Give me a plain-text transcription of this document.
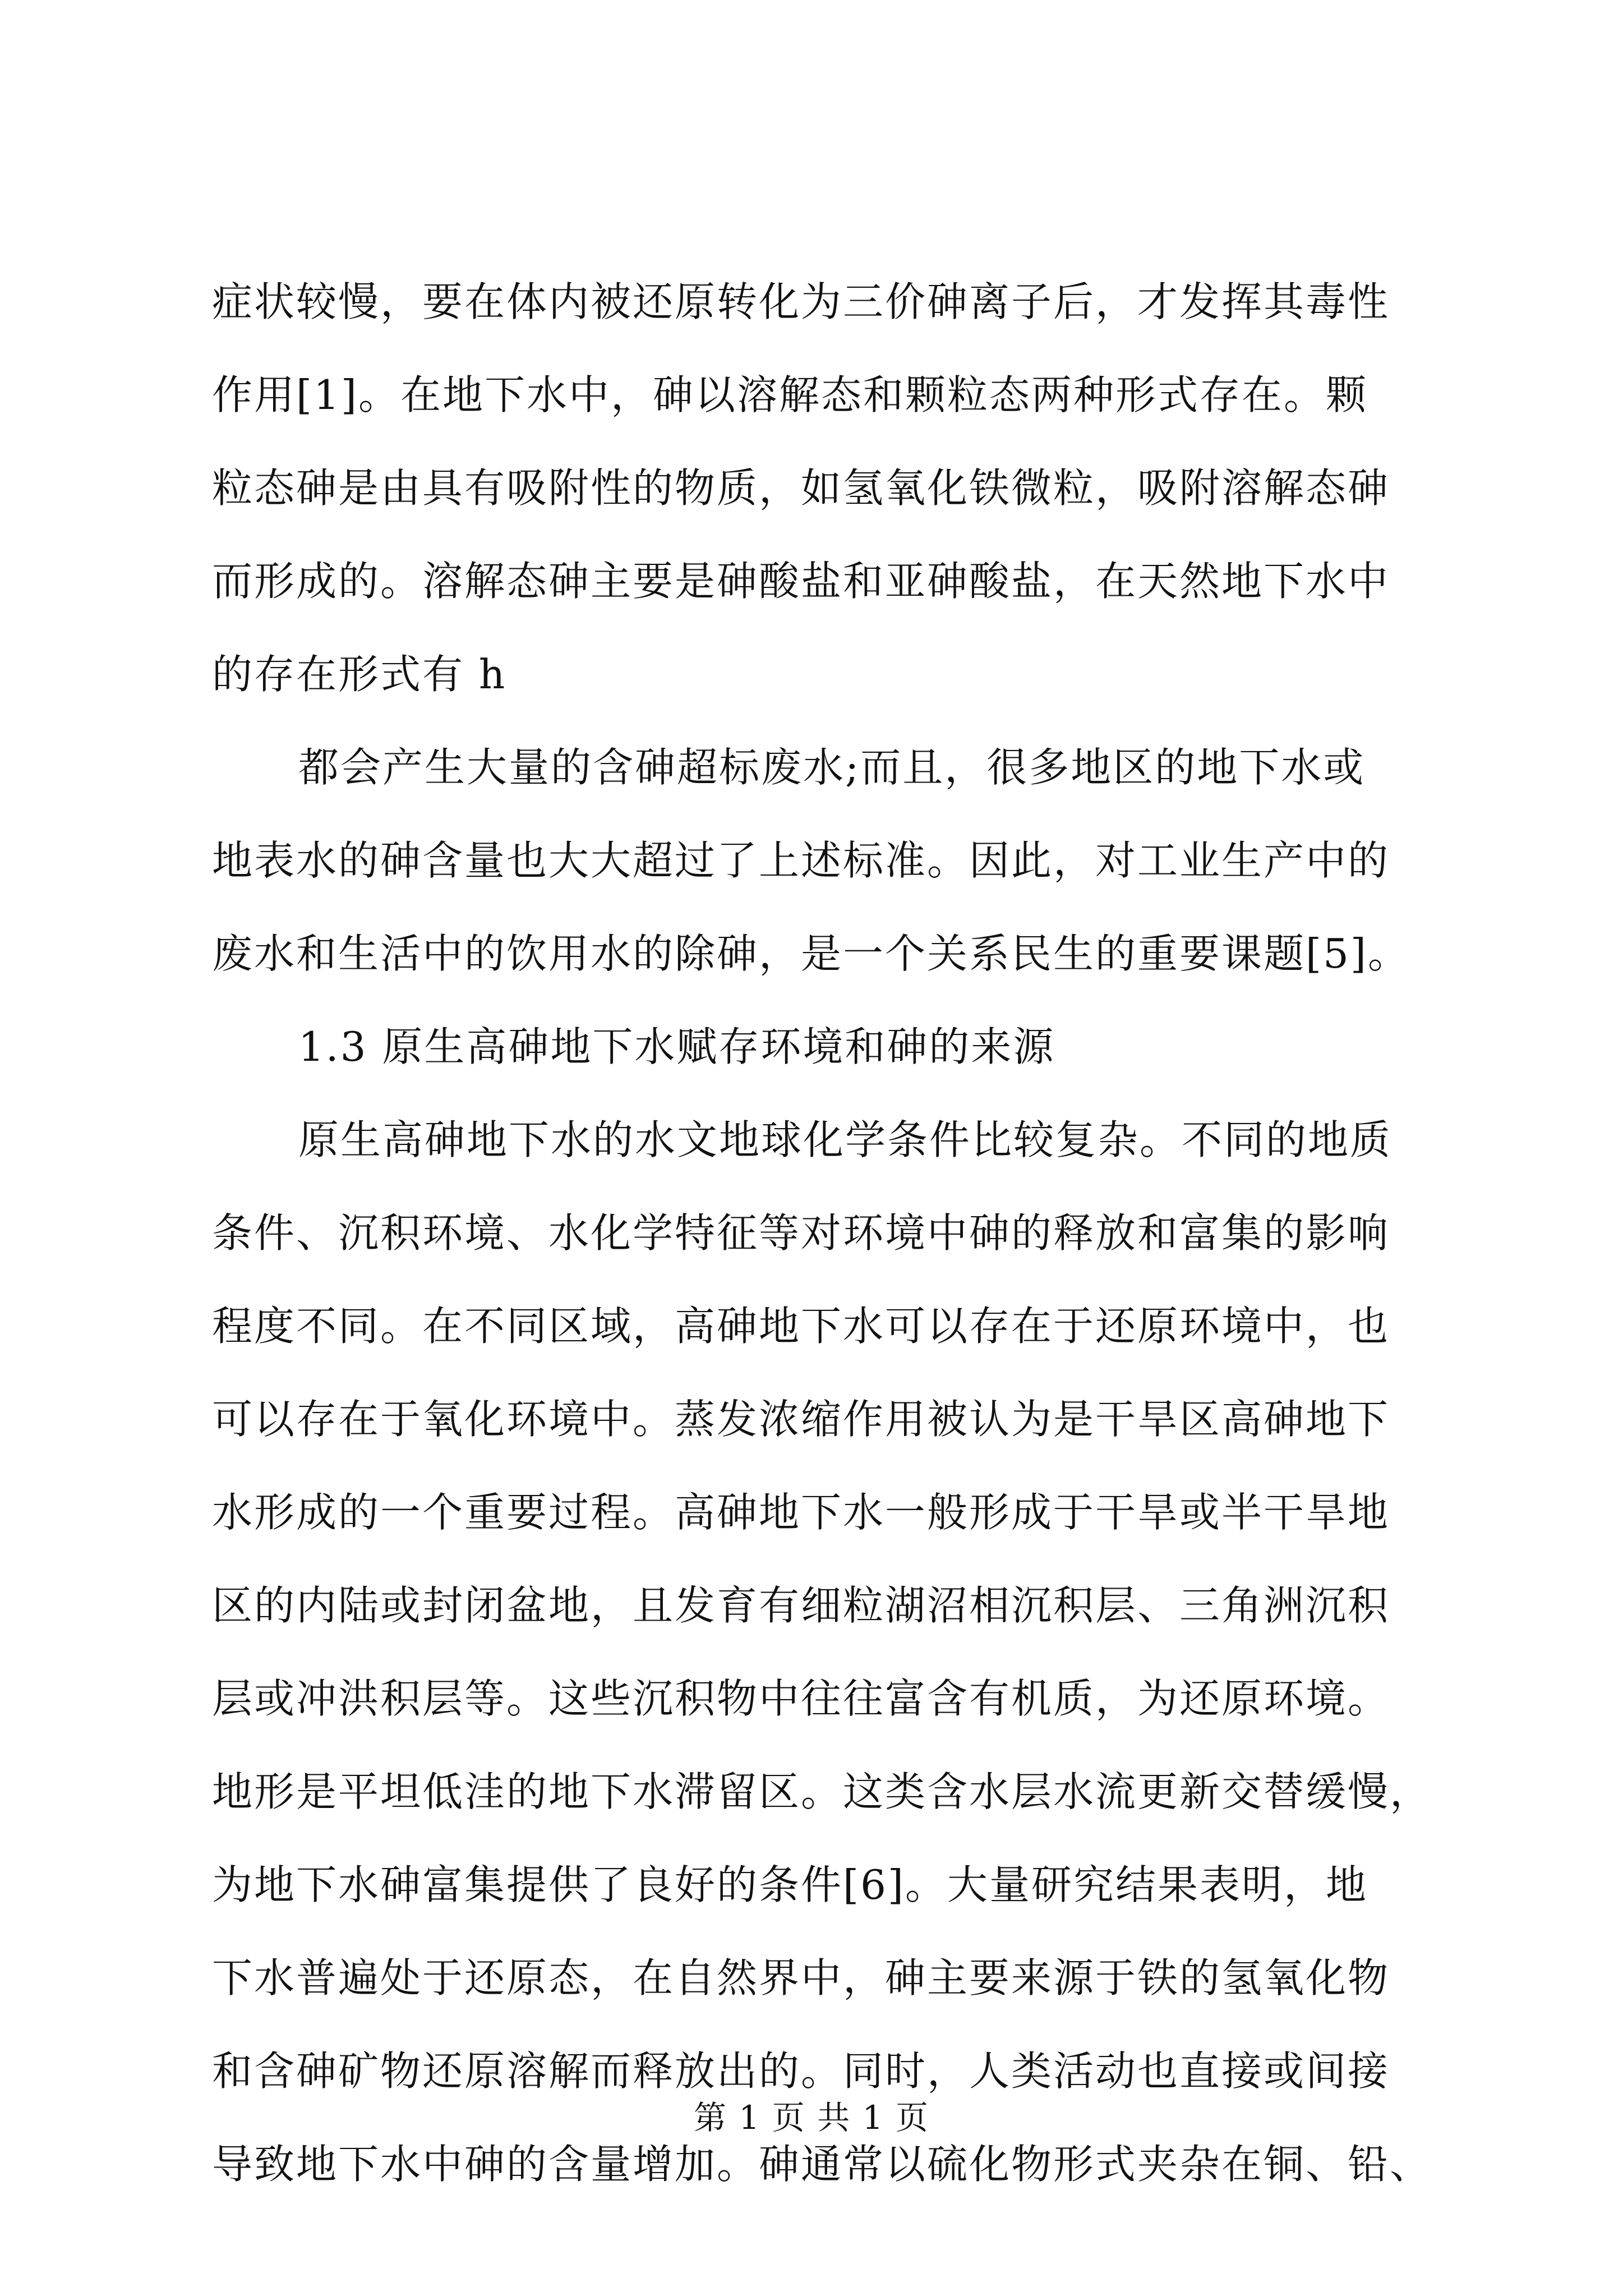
症状较慢，要在体内被还原转化为三价砷离子后，才发挥其毒性
作用[1]。在地下水中，砷以溶解态和颗粒态两种形式存在。颗
粒态砷是由具有吸附性的物质，如氢氧化铁微粒，吸附溶解态砷
而形成的。溶解态砷主要是砷酸盐和亚砷酸盐，在天然地下水中
的存在形式有 h
都会产生大量的含砷超标废水;而且，很多地区的地下水或
地表水的砷含量也大大超过了上述标准。因此，对工业生产中的
废水和生活中的饮用水的除砷，是一个关系民生的重要课题[5]。
1.3 原生高砷地下水赋存环境和砷的来源
原生高砷地下水的水文地球化学条件比较复杂。不同的地质
条件、沉积环境、水化学特征等对环境中砷的释放和富集的影响
程度不同。在不同区域，高砷地下水可以存在于还原环境中，也
可以存在于氧化环境中。蒸发浓缩作用被认为是干旱区高砷地下
水形成的一个重要过程。高砷地下水一般形成于干旱或半干旱地
区的内陆或封闭盆地，且发育有细粒湖沼相沉积层、三角洲沉积
层或冲洪积层等。这些沉积物中往往富含有机质，为还原环境。
地形是平坦低洼的地下水滞留区。这类含水层水流更新交替缓慢，
为地下水砷富集提供了良好的条件[6]。大量研究结果表明，地
下水普遍处于还原态，在自然界中，砷主要来源于铁的氢氧化物
和含砷矿物还原溶解而释放出的。同时，人类活动也直接或间接
导致地下水中砷的含量增加。砷通常以硫化物形式夹杂在铜、铅、
第 1 页 共 1 页
